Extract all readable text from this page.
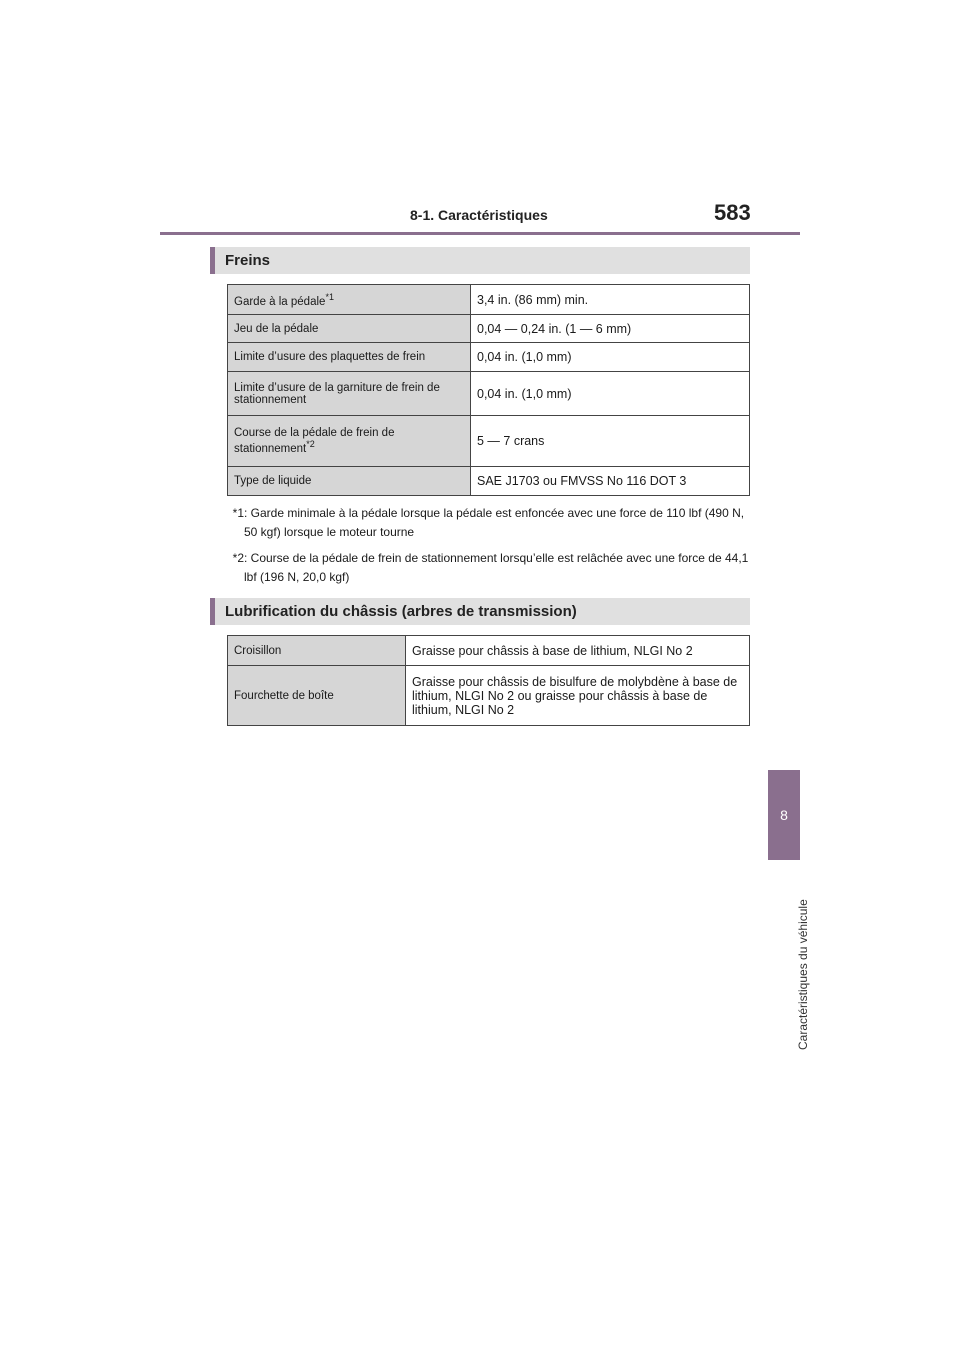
8-1. Caractéristiques	583
8
Caractéristiques du véhicule
Freins
Garde à la pédale$^{*1}$	3,4 in. (86 mm) min.
Jeu de la pédale	0,04 — 0,24 in. (1 — 6 mm)
Limite d’usure des plaquettes de frein	0,04 in. (1,0 mm)
Limite d’usure de la garniture de frein de stationnement	0,04 in. (1,0 mm)
Course de la pédale de frein de stationnement$^{*2}$	5 — 7 crans
Type de liquide	SAE J1703 ou FMVSS No 116 DOT 3
*1 : Garde minimale à la pédale lorsque la pédale est enfoncée avec une force de 110 lbf (490 N, 50 kgf) lorsque le moteur tourne
*2 : Course de la pédale de frein de stationnement lorsqu’elle est relâchée avec une force de 44,1 lbf (196 N, 20,0 kgf)
Lubrification du châssis (arbres de transmission)
Croisillon	Graisse pour châssis à base de lithium, NLGI No 2
Fourchette de boîte	Graisse pour châssis de bisulfure de molybdène à base de lithium, NLGI No 2 ou graisse pour châssis à base de lithium, NLGI No 2
